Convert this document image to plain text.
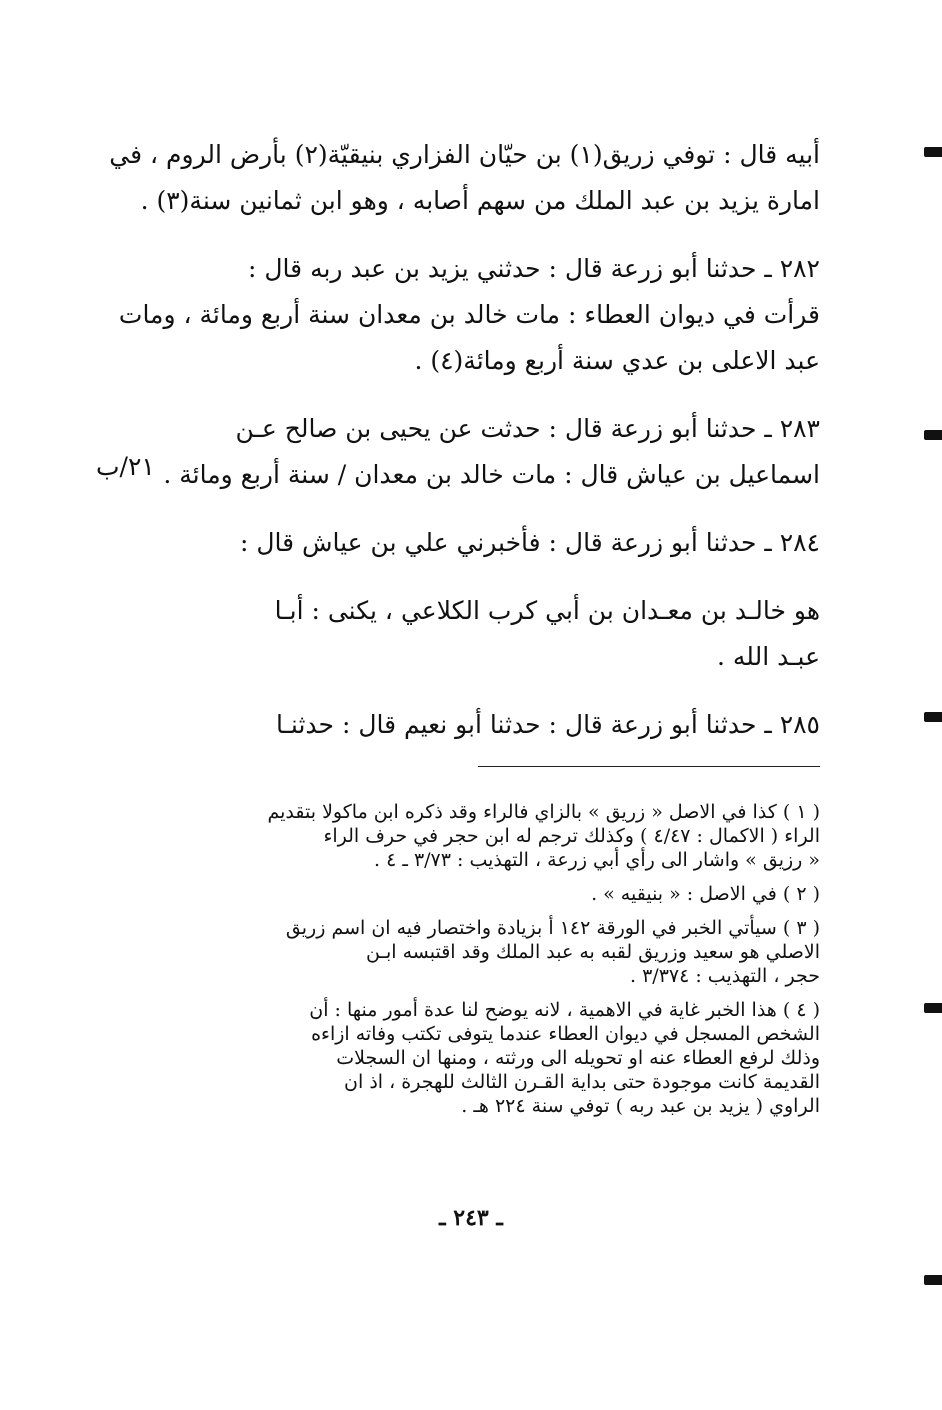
أبيه قال : توفي زريق(١) بن حيّان الفزاري بنيقيّة(٢) بأرض الروم ، في
امارة يزيد بن عبد الملك من سهم أصابه ، وهو ابن ثمانين سنة(٣) .
٢٨٢ ـ حدثنا أبو زرعة قال : حدثني يزيد بن عبد ربه قال :
قرأت في ديوان العطاء : مات خالد بن معدان سنة أربع ومائة ، ومات
عبد الاعلى بن عدي سنة أربع ومائة(٤) .
٢٨٣ ـ حدثنا أبو زرعة قال : حدثت عن يحيى بن صالح عـن
اسماعيل بن عياش قال : مات خالد بن معدان / سنة أربع ومائة .
٢٨٤ ـ حدثنا أبو زرعة قال : فأخبرني علي بن عياش قال :
هو خالـد بن معـدان بن أبي كرب الكلاعي ، يكنى : أبـا
عبـد الله .
٢٨٥ ـ حدثنا أبو زرعة قال : حدثنا أبو نعيم قال : حدثنـا
٢١/ب
( ١ ) كذا في الاصل « زريق » بالزاي فالراء وقد ذكره ابن ماكولا بتقديم
الراء ( الاكمال : ٤/٤٧ ) وكذلك ترجم له ابن حجر في حرف الراء
« رزيق » واشار الى رأي أبي زرعة ، التهذيب : ٣/٧٣ ـ ٤ .
( ٢ ) في الاصل : « بنيقيه » .
( ٣ ) سيأتي الخبر في الورقة ١٤٢ أ بزيادة واختصار فيه ان اسم زريق
الاصلي هو سعيد وزريق لقبه به عبد الملك وقد اقتبسه ابـن
حجر ، التهذيب : ٣/٣٧٤ .
( ٤ ) هذا الخبر غاية في الاهمية ، لانه يوضح لنا عدة أمور منها : أن
الشخص المسجل في ديوان العطاء عندما يتوفى تكتب وفاته ازاءه
وذلك لرفع العطاء عنه او تحويله الى ورثته ، ومنها ان السجلات
القديمة كانت موجودة حتى بداية القـرن الثالث للهجرة ، اذ ان
الراوي ( يزيد بن عبد ربه ) توفي سنة ٢٢٤ هـ .
ـ ٢٤٣ ـ
